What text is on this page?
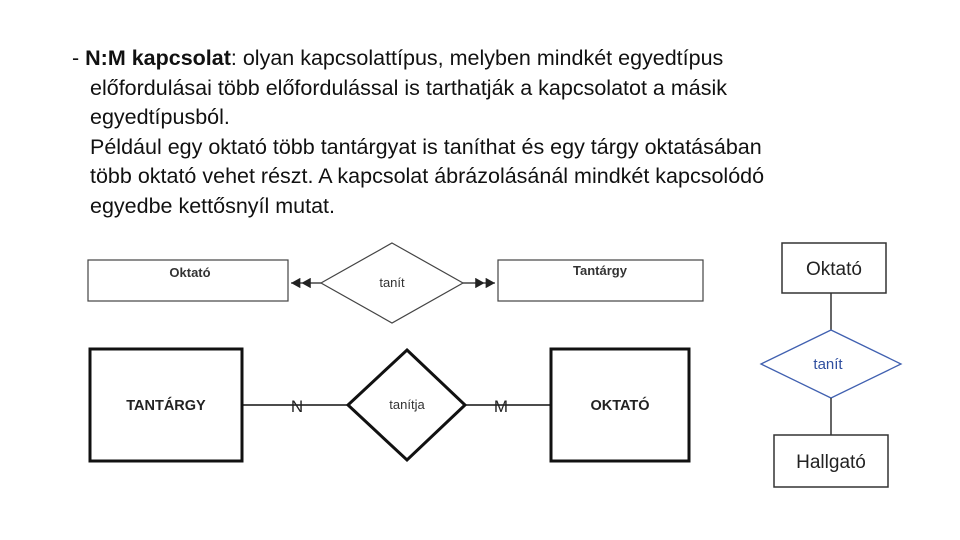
- N:M kapcsolat: olyan kapcsolattípus, melyben mindkét egyedtípus

előfordulásai több előfordulással is tarthatják a kapcsolatot a másik

egyedtípusból.

Például egy oktató több tantárgyat is taníthat és egy tárgy oktatásában

több oktató vehet részt. A kapcsolat ábrázolásánál mindkét kapcsolódó

egyedbe kettősnyíl mutat.

Oktató
tanít
Tantárgy
TANTÁRGY	N	tanítja	M	OKTATÓ
Oktató
tanít
Hallgató
